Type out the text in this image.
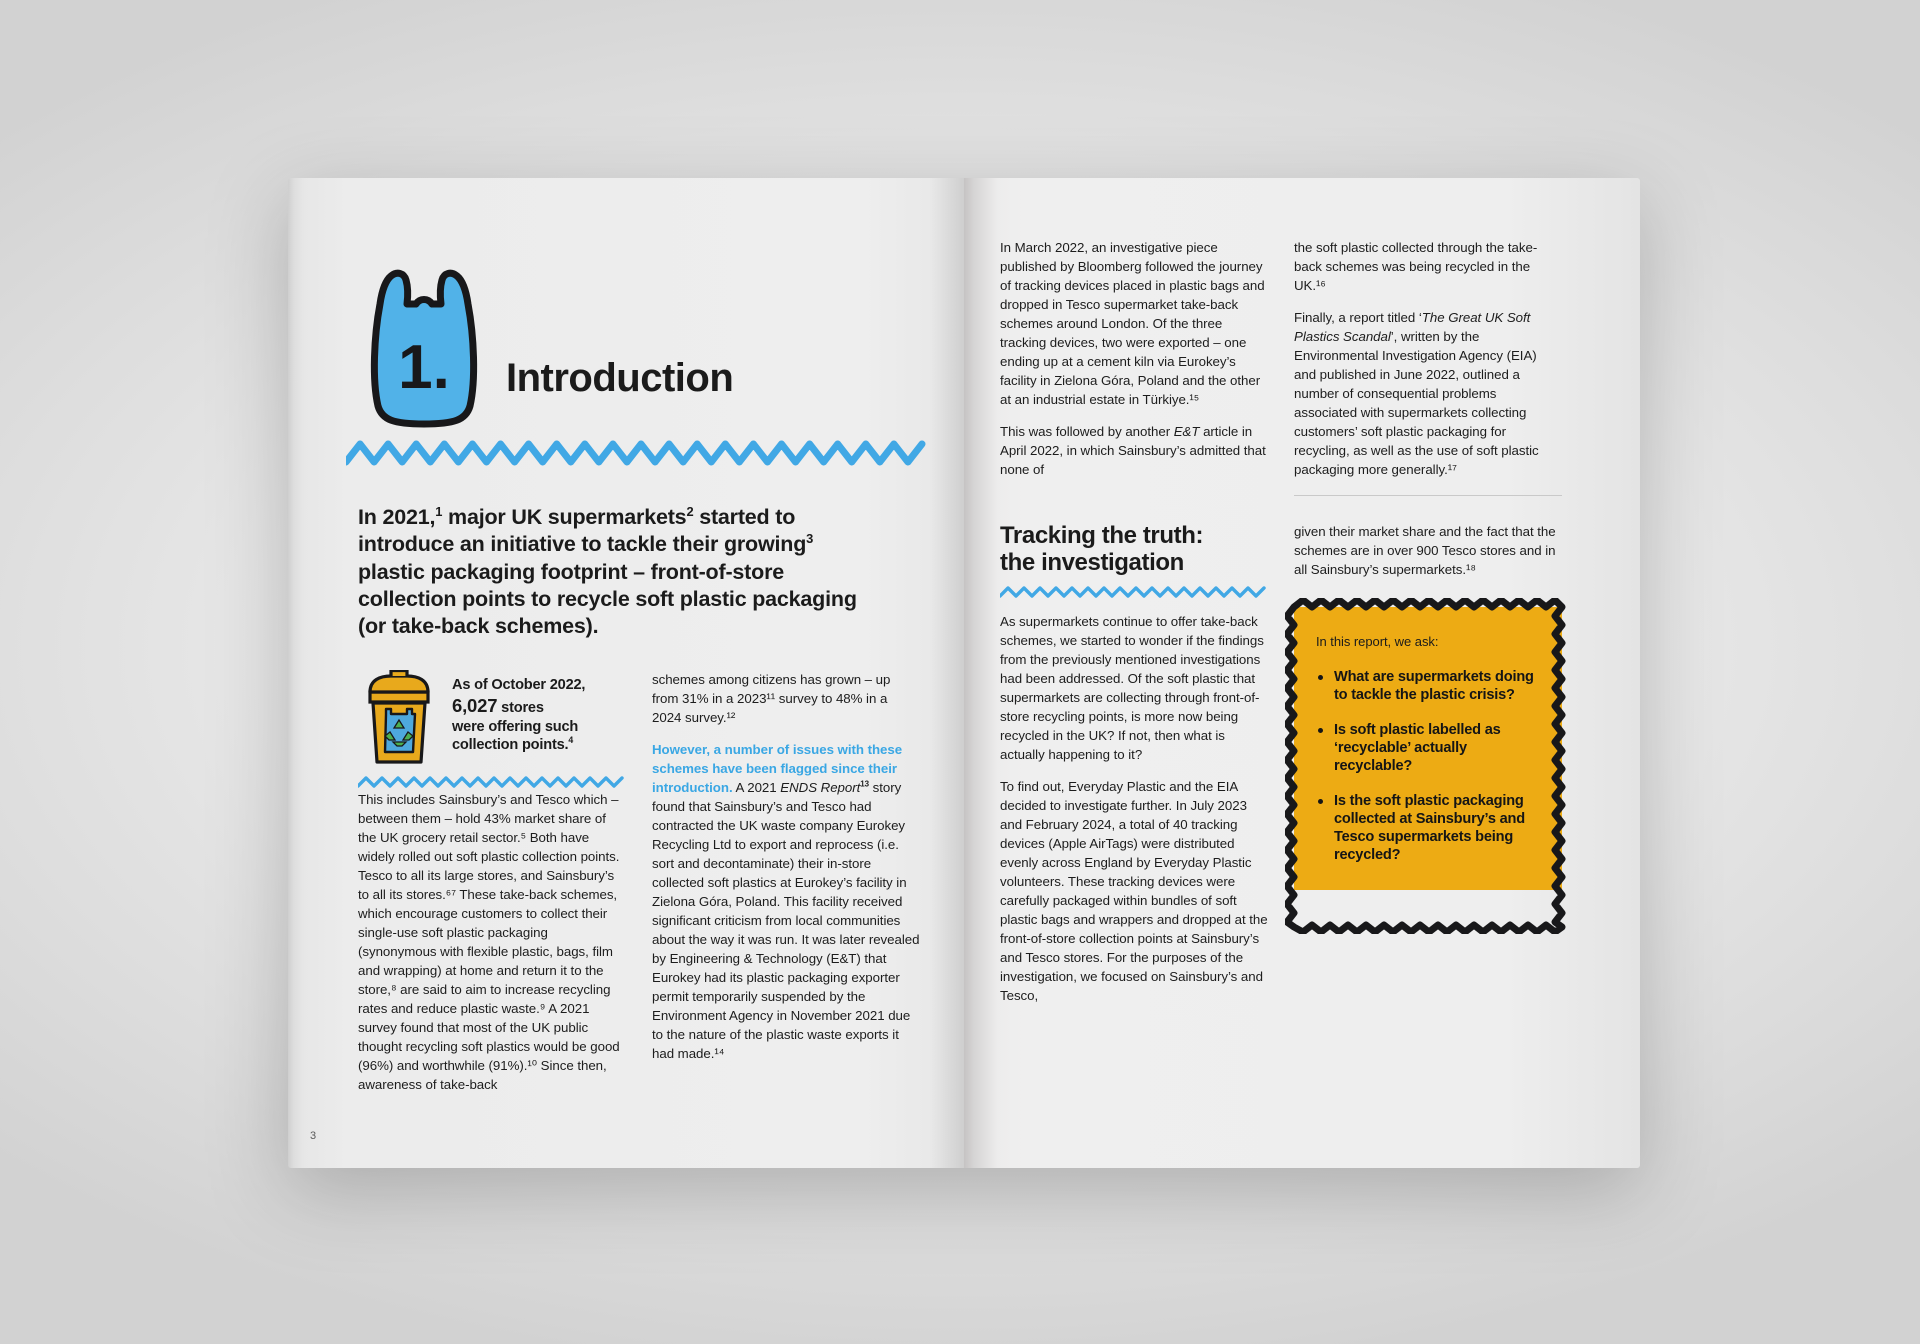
1. Introduction
In 2021,$^1$ major UK supermarkets$^2$ started to introduce an initiative to tackle their growing$^3$ plastic packaging footprint – front-of-store collection points to recycle soft plastic packaging (or take-back schemes).
As of October 2022,
6,027 stores
were offering such
collection points.$^4$

This includes Sainsbury’s and Tesco which – between them – hold 43% market share of the UK grocery retail sector.⁵ Both have widely rolled out soft plastic collection points. Tesco to all its large stores, and Sainsbury’s to all its stores.⁶⁷ These take-back schemes, which encourage customers to collect their single-use soft plastic packaging (synonymous with flexible plastic, bags, film and wrapping) at home and return it to the store,⁸ are said to aim to increase recycling rates and reduce plastic waste.⁹ A 2021 survey found that most of the UK public thought recycling soft plastics would be good (96%) and worthwhile (91%).¹⁰ Since then, awareness of take-back

schemes among citizens has grown – up from 31% in a 2023¹¹ survey to 48% in a 2024 survey.¹²

However, a number of issues with these schemes have been flagged since their introduction. A 2021 ENDS Report$^{13}$ story found that Sainsbury’s and Tesco had contracted the UK waste company Eurokey Recycling Ltd to export and reprocess (i.e. sort and decontaminate) their in-store collected soft plastics at Eurokey’s facility in Zielona Góra, Poland. This facility received significant criticism from local communities about the way it was run. It was later revealed by Engineering & Technology (E&T) that Eurokey had its plastic packaging exporter permit temporarily suspended by the Environment Agency in November 2021 due to the nature of the plastic waste exports it had made.¹⁴

3

In March 2022, an investigative piece published by Bloomberg followed the journey of tracking devices placed in plastic bags and dropped in Tesco supermarket take-back schemes around London. Of the three tracking devices, two were exported – one ending up at a cement kiln via Eurokey’s facility in Zielona Góra, Poland and the other at an industrial estate in Türkiye.¹⁵

This was followed by another E&T article in April 2022, in which Sainsbury’s admitted that none of

the soft plastic collected through the take-back schemes was being recycled in the UK.¹⁶

Finally, a report titled ‘The Great UK Soft Plastics Scandal’, written by the Environmental Investigation Agency (EIA) and published in June 2022, outlined a number of consequential problems associated with supermarkets collecting customers’ soft plastic packaging for recycling, as well as the use of soft plastic packaging more generally.¹⁷

Tracking the truth:
the investigation

As supermarkets continue to offer take-back schemes, we started to wonder if the findings from the previously mentioned investigations had been addressed. Of the soft plastic that supermarkets are collecting through front-of-store recycling points, is more now being recycled in the UK? If not, then what is actually happening to it?

To find out, Everyday Plastic and the EIA decided to investigate further. In July 2023 and February 2024, a total of 40 tracking devices (Apple AirTags) were distributed evenly across England by Everyday Plastic volunteers. These tracking devices were carefully packaged within bundles of soft plastic bags and wrappers and dropped at the front-of-store collection points at Sainsbury’s and Tesco stores. For the purposes of the investigation, we focused on Sainsbury’s and Tesco,

given their market share and the fact that the schemes are in over 900 Tesco stores and in all Sainsbury’s supermarkets.¹⁸

In this report, we ask:

What are supermarkets doing to tackle the plastic crisis?
Is soft plastic labelled as ‘recyclable’ actually recyclable?
Is the soft plastic packaging collected at Sainsbury’s and Tesco supermarkets being recycled?
